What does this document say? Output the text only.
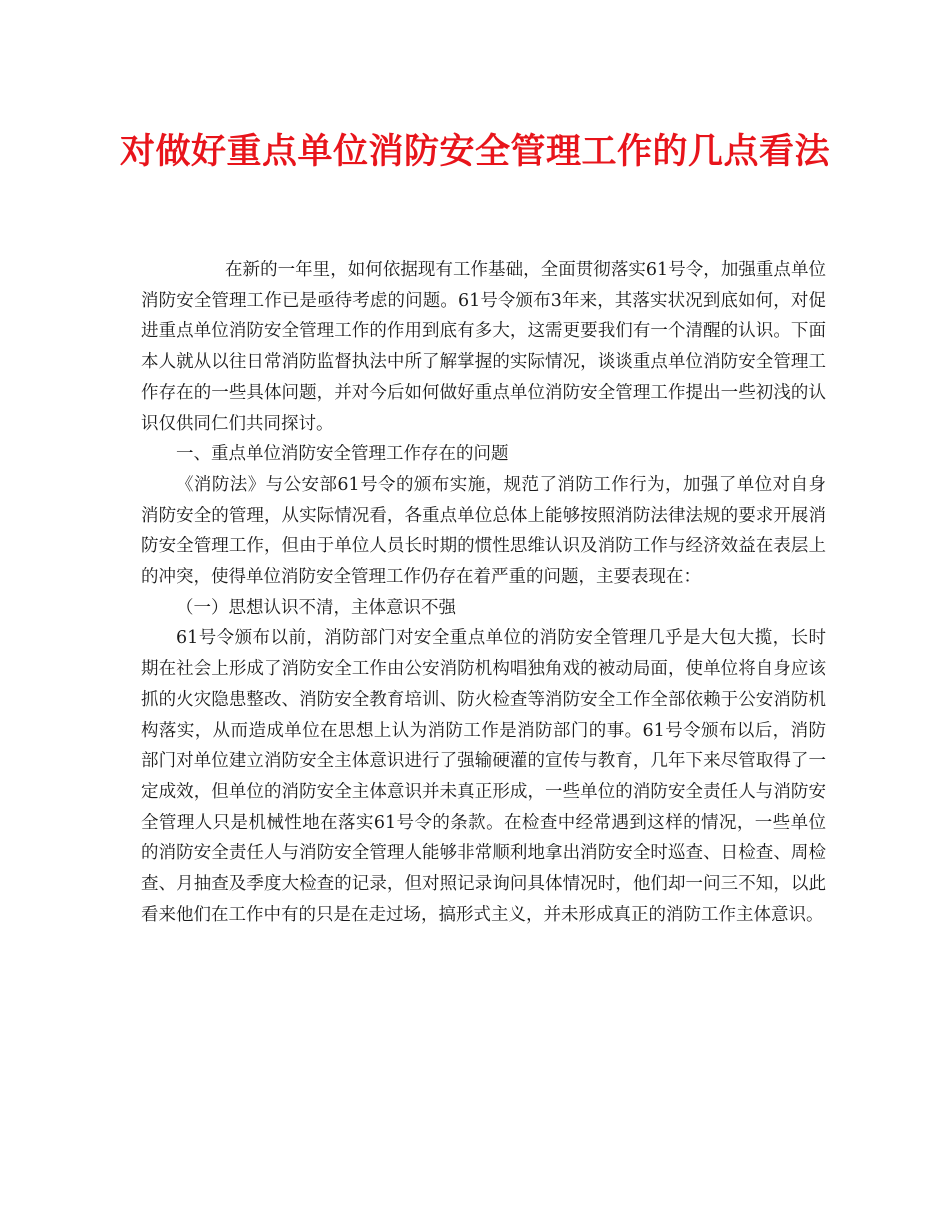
对做好重点单位消防安全管理工作的几点看法

在新的一年里，如何依据现有工作基础，全面贯彻落实61号令，加强重点单位消防安全管理工作已是亟待考虑的问题。61号令颁布3年来，其落实状况到底如何，对促进重点单位消防安全管理工作的作用到底有多大，这需更要我们有一个清醒的认识。下面本人就从以往日常消防监督执法中所了解掌握的实际情况，谈谈重点单位消防安全管理工作存在的一些具体问题，并对今后如何做好重点单位消防安全管理工作提出一些初浅的认识仅供同仁们共同探讨。

一、重点单位消防安全管理工作存在的问题

《消防法》与公安部61号令的颁布实施，规范了消防工作行为，加强了单位对自身消防安全的管理，从实际情况看，各重点单位总体上能够按照消防法律法规的要求开展消防安全管理工作，但由于单位人员长时期的惯性思维认识及消防工作与经济效益在表层上的冲突，使得单位消防安全管理工作仍存在着严重的问题，主要表现在：

（一）思想认识不清，主体意识不强

61号令颁布以前，消防部门对安全重点单位的消防安全管理几乎是大包大揽，长时期在社会上形成了消防安全工作由公安消防机构唱独角戏的被动局面，使单位将自身应该抓的火灾隐患整改、消防安全教育培训、防火检查等消防安全工作全部依赖于公安消防机构落实，从而造成单位在思想上认为消防工作是消防部门的事。61号令颁布以后，消防部门对单位建立消防安全主体意识进行了强输硬灌的宣传与教育，几年下来尽管取得了一定成效，但单位的消防安全主体意识并未真正形成，一些单位的消防安全责任人与消防安全管理人只是机械性地在落实61号令的条款。在检查中经常遇到这样的情况，一些单位的消防安全责任人与消防安全管理人能够非常顺利地拿出消防安全时巡查、日检查、周检查、月抽查及季度大检查的记录，但对照记录询问具体情况时，他们却一问三不知，以此看来他们在工作中有的只是在走过场，搞形式主义，并未形成真正的消防工作主体意识。
